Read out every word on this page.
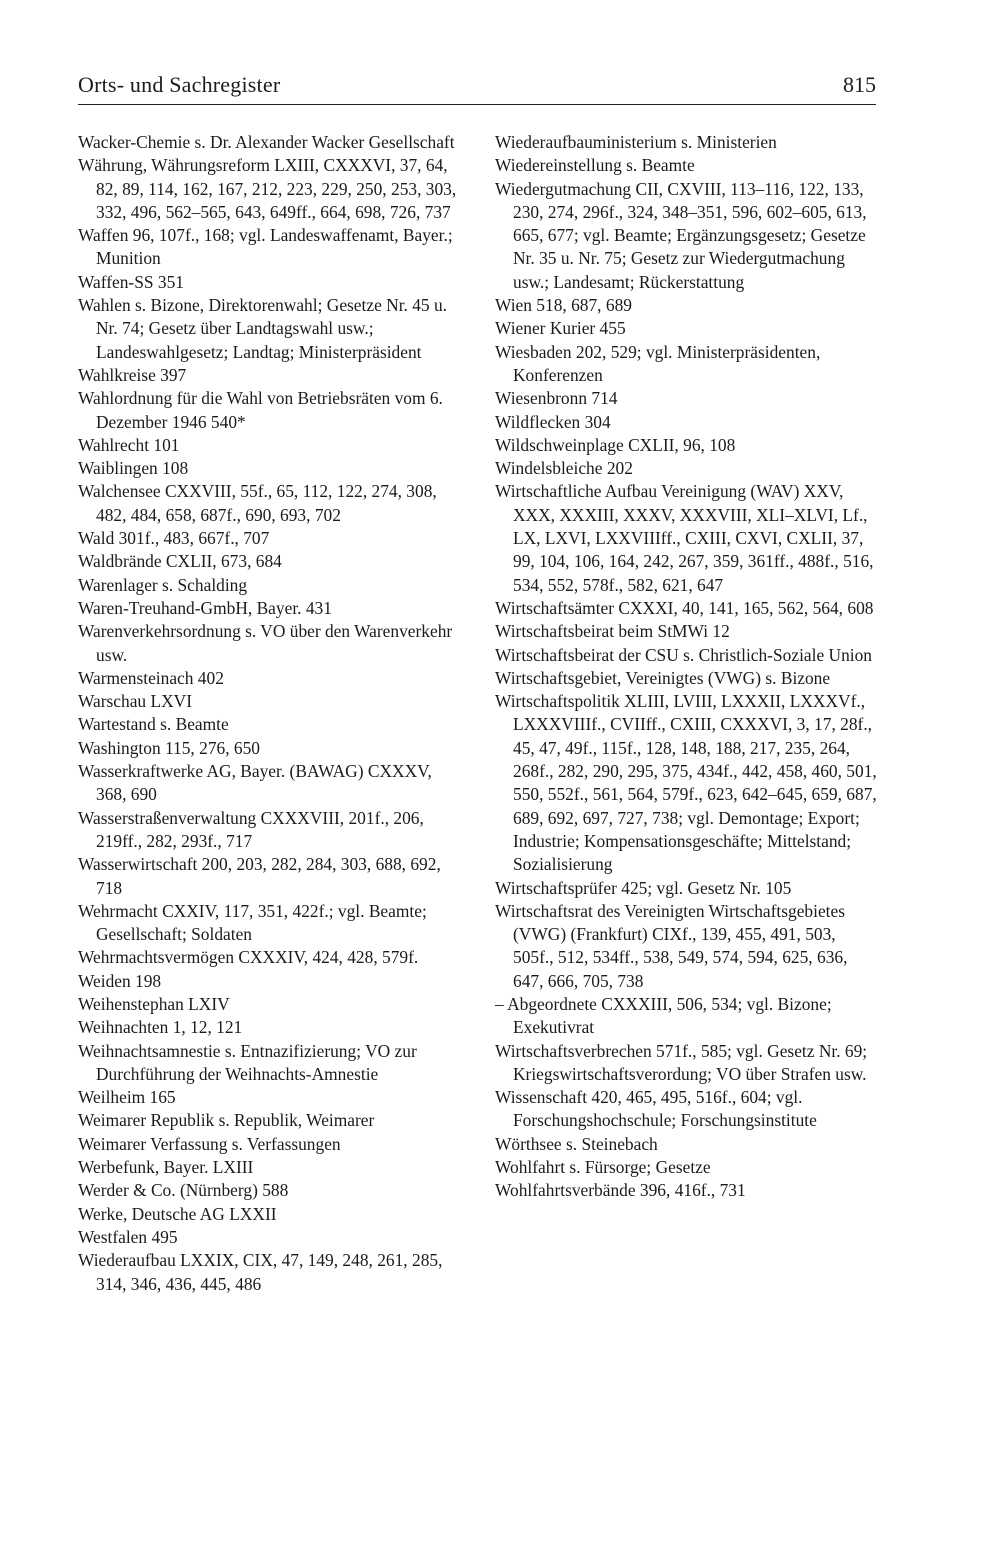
Orts- und Sachregister	815
Wacker-Chemie s. Dr. Alexander Wacker Gesellschaft
Währung, Währungsreform LXIII, CXXXVI, 37, 64, 82, 89, 114, 162, 167, 212, 223, 229, 250, 253, 303, 332, 496, 562–565, 643, 649ff., 664, 698, 726, 737
Waffen 96, 107f., 168; vgl. Landeswaffenamt, Bayer.; Munition
Waffen-SS 351
Wahlen s. Bizone, Direktorenwahl; Gesetze Nr. 45 u. Nr. 74; Gesetz über Landtagswahl usw.; Landeswahlgesetz; Landtag; Ministerpräsident
Wahlkreise 397
Wahlordnung für die Wahl von Betriebsräten vom 6. Dezember 1946 540*
Wahlrecht 101
Waiblingen 108
Walchensee CXXVIII, 55f., 65, 112, 122, 274, 308, 482, 484, 658, 687f., 690, 693, 702
Wald 301f., 483, 667f., 707
Waldbrände CXLII, 673, 684
Warenlager s. Schalding
Waren-Treuhand-GmbH, Bayer. 431
Warenverkehrsordnung s. VO über den Warenverkehr usw.
Warmensteinach 402
Warschau LXVI
Wartestand s. Beamte
Washington 115, 276, 650
Wasserkraftwerke AG, Bayer. (BAWAG) CXXXV, 368, 690
Wasserstraßenverwaltung CXXXVIII, 201f., 206, 219ff., 282, 293f., 717
Wasserwirtschaft 200, 203, 282, 284, 303, 688, 692, 718
Wehrmacht CXXIV, 117, 351, 422f.; vgl. Beamte; Gesellschaft; Soldaten
Wehrmachtsvermögen CXXXIV, 424, 428, 579f.
Weiden 198
Weihenstephan LXIV
Weihnachten 1, 12, 121
Weihnachtsamnestie s. Entnazifizierung; VO zur Durchführung der Weihnachts-Amnestie
Weilheim 165
Weimarer Republik s. Republik, Weimarer
Weimarer Verfassung s. Verfassungen
Werbefunk, Bayer. LXIII
Werder & Co. (Nürnberg) 588
Werke, Deutsche AG LXXII
Westfalen 495
Wiederaufbau LXXIX, CIX, 47, 149, 248, 261, 285, 314, 346, 436, 445, 486
Wiederaufbauministerium s. Ministerien
Wiedereinstellung s. Beamte
Wiedergutmachung CII, CXVIII, 113–116, 122, 133, 230, 274, 296f., 324, 348–351, 596, 602–605, 613, 665, 677; vgl. Beamte; Ergänzungsgesetz; Gesetze Nr. 35 u. Nr. 75; Gesetz zur Wiedergutmachung usw.; Landesamt; Rückerstattung
Wien 518, 687, 689
Wiener Kurier 455
Wiesbaden 202, 529; vgl. Ministerpräsidenten, Konferenzen
Wiesenbronn 714
Wildflecken 304
Wildschweinplage CXLII, 96, 108
Windelsbleiche 202
Wirtschaftliche Aufbau Vereinigung (WAV) XXV, XXX, XXXIII, XXXV, XXXVIII, XLI–XLVI, Lf., LX, LXVI, LXXVIIIff., CXIII, CXVI, CXLII, 37, 99, 104, 106, 164, 242, 267, 359, 361ff., 488f., 516, 534, 552, 578f., 582, 621, 647
Wirtschaftsämter CXXXI, 40, 141, 165, 562, 564, 608
Wirtschaftsbeirat beim StMWi 12
Wirtschaftsbeirat der CSU s. Christlich-Soziale Union
Wirtschaftsgebiet, Vereinigtes (VWG) s. Bizone
Wirtschaftspolitik XLIII, LVIII, LXXXII, LXXXVf., LXXXVIIIf., CVIIff., CXIII, CXXXVI, 3, 17, 28f., 45, 47, 49f., 115f., 128, 148, 188, 217, 235, 264, 268f., 282, 290, 295, 375, 434f., 442, 458, 460, 501, 550, 552f., 561, 564, 579f., 623, 642–645, 659, 687, 689, 692, 697, 727, 738; vgl. Demontage; Export; Industrie; Kompensationsgeschäfte; Mittelstand; Sozialisierung
Wirtschaftsprüfer 425; vgl. Gesetz Nr. 105
Wirtschaftsrat des Vereinigten Wirtschaftsgebietes (VWG) (Frankfurt) CIXf., 139, 455, 491, 503, 505f., 512, 534ff., 538, 549, 574, 594, 625, 636, 647, 666, 705, 738
– Abgeordnete CXXXIII, 506, 534; vgl. Bizone; Exekutivrat
Wirtschaftsverbrechen 571f., 585; vgl. Gesetz Nr. 69; Kriegswirtschaftsverordung; VO über Strafen usw.
Wissenschaft 420, 465, 495, 516f., 604; vgl. Forschungshochschule; Forschungsinstitute
Wörthsee s. Steinebach
Wohlfahrt s. Fürsorge; Gesetze
Wohlfahrtsverbände 396, 416f., 731
